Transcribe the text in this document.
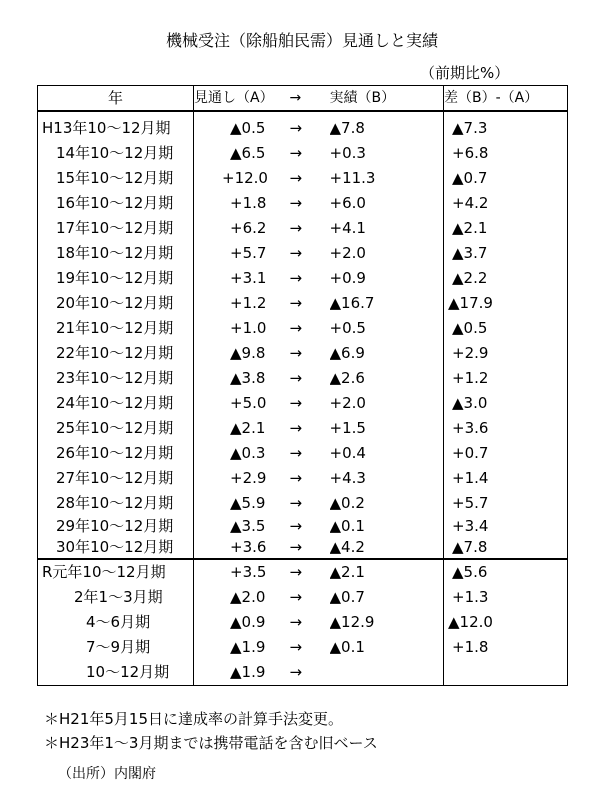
機械受注（除船舶民需）見通しと実績
（前期比%）
年	見通し（A）	→	実績（B）	差（B）-（A）
H13年10～12月期	▲0.5	→	▲7.8	▲7.3
14年10～12月期	▲6.5	→	+0.3	+6.8
15年10～12月期	+12.0	→	+11.3	▲0.7
16年10～12月期	+1.8	→	+6.0	+4.2
17年10～12月期	+6.2	→	+4.1	▲2.1
18年10～12月期	+5.7	→	+2.0	▲3.7
19年10～12月期	+3.1	→	+0.9	▲2.2
20年10～12月期	+1.2	→	▲16.7	▲17.9
21年10～12月期	+1.0	→	+0.5	▲0.5
22年10～12月期	▲9.8	→	▲6.9	+2.9
23年10～12月期	▲3.8	→	▲2.6	+1.2
24年10～12月期	+5.0	→	+2.0	▲3.0
25年10～12月期	▲2.1	→	+1.5	+3.6
26年10～12月期	▲0.3	→	+0.4	+0.7
27年10～12月期	+2.9	→	+4.3	+1.4
28年10～12月期	▲5.9	→	▲0.2	+5.7
29年10～12月期	▲3.5	→	▲0.1	+3.4
30年10～12月期	+3.6	→	▲4.2	▲7.8
R元年10～12月期	+3.5	→	▲2.1	▲5.6
2年1～3月期	▲2.0	→	▲0.7	+1.3
4～6月期	▲0.9	→	▲12.9	▲12.0
7～9月期	▲1.9	→	▲0.1	+1.8
10～12月期	▲1.9	→		
＊H21年5月15日に達成率の計算手法変更。
＊H23年1～3月期までは携帯電話を含む旧ベース
（出所）内閣府
